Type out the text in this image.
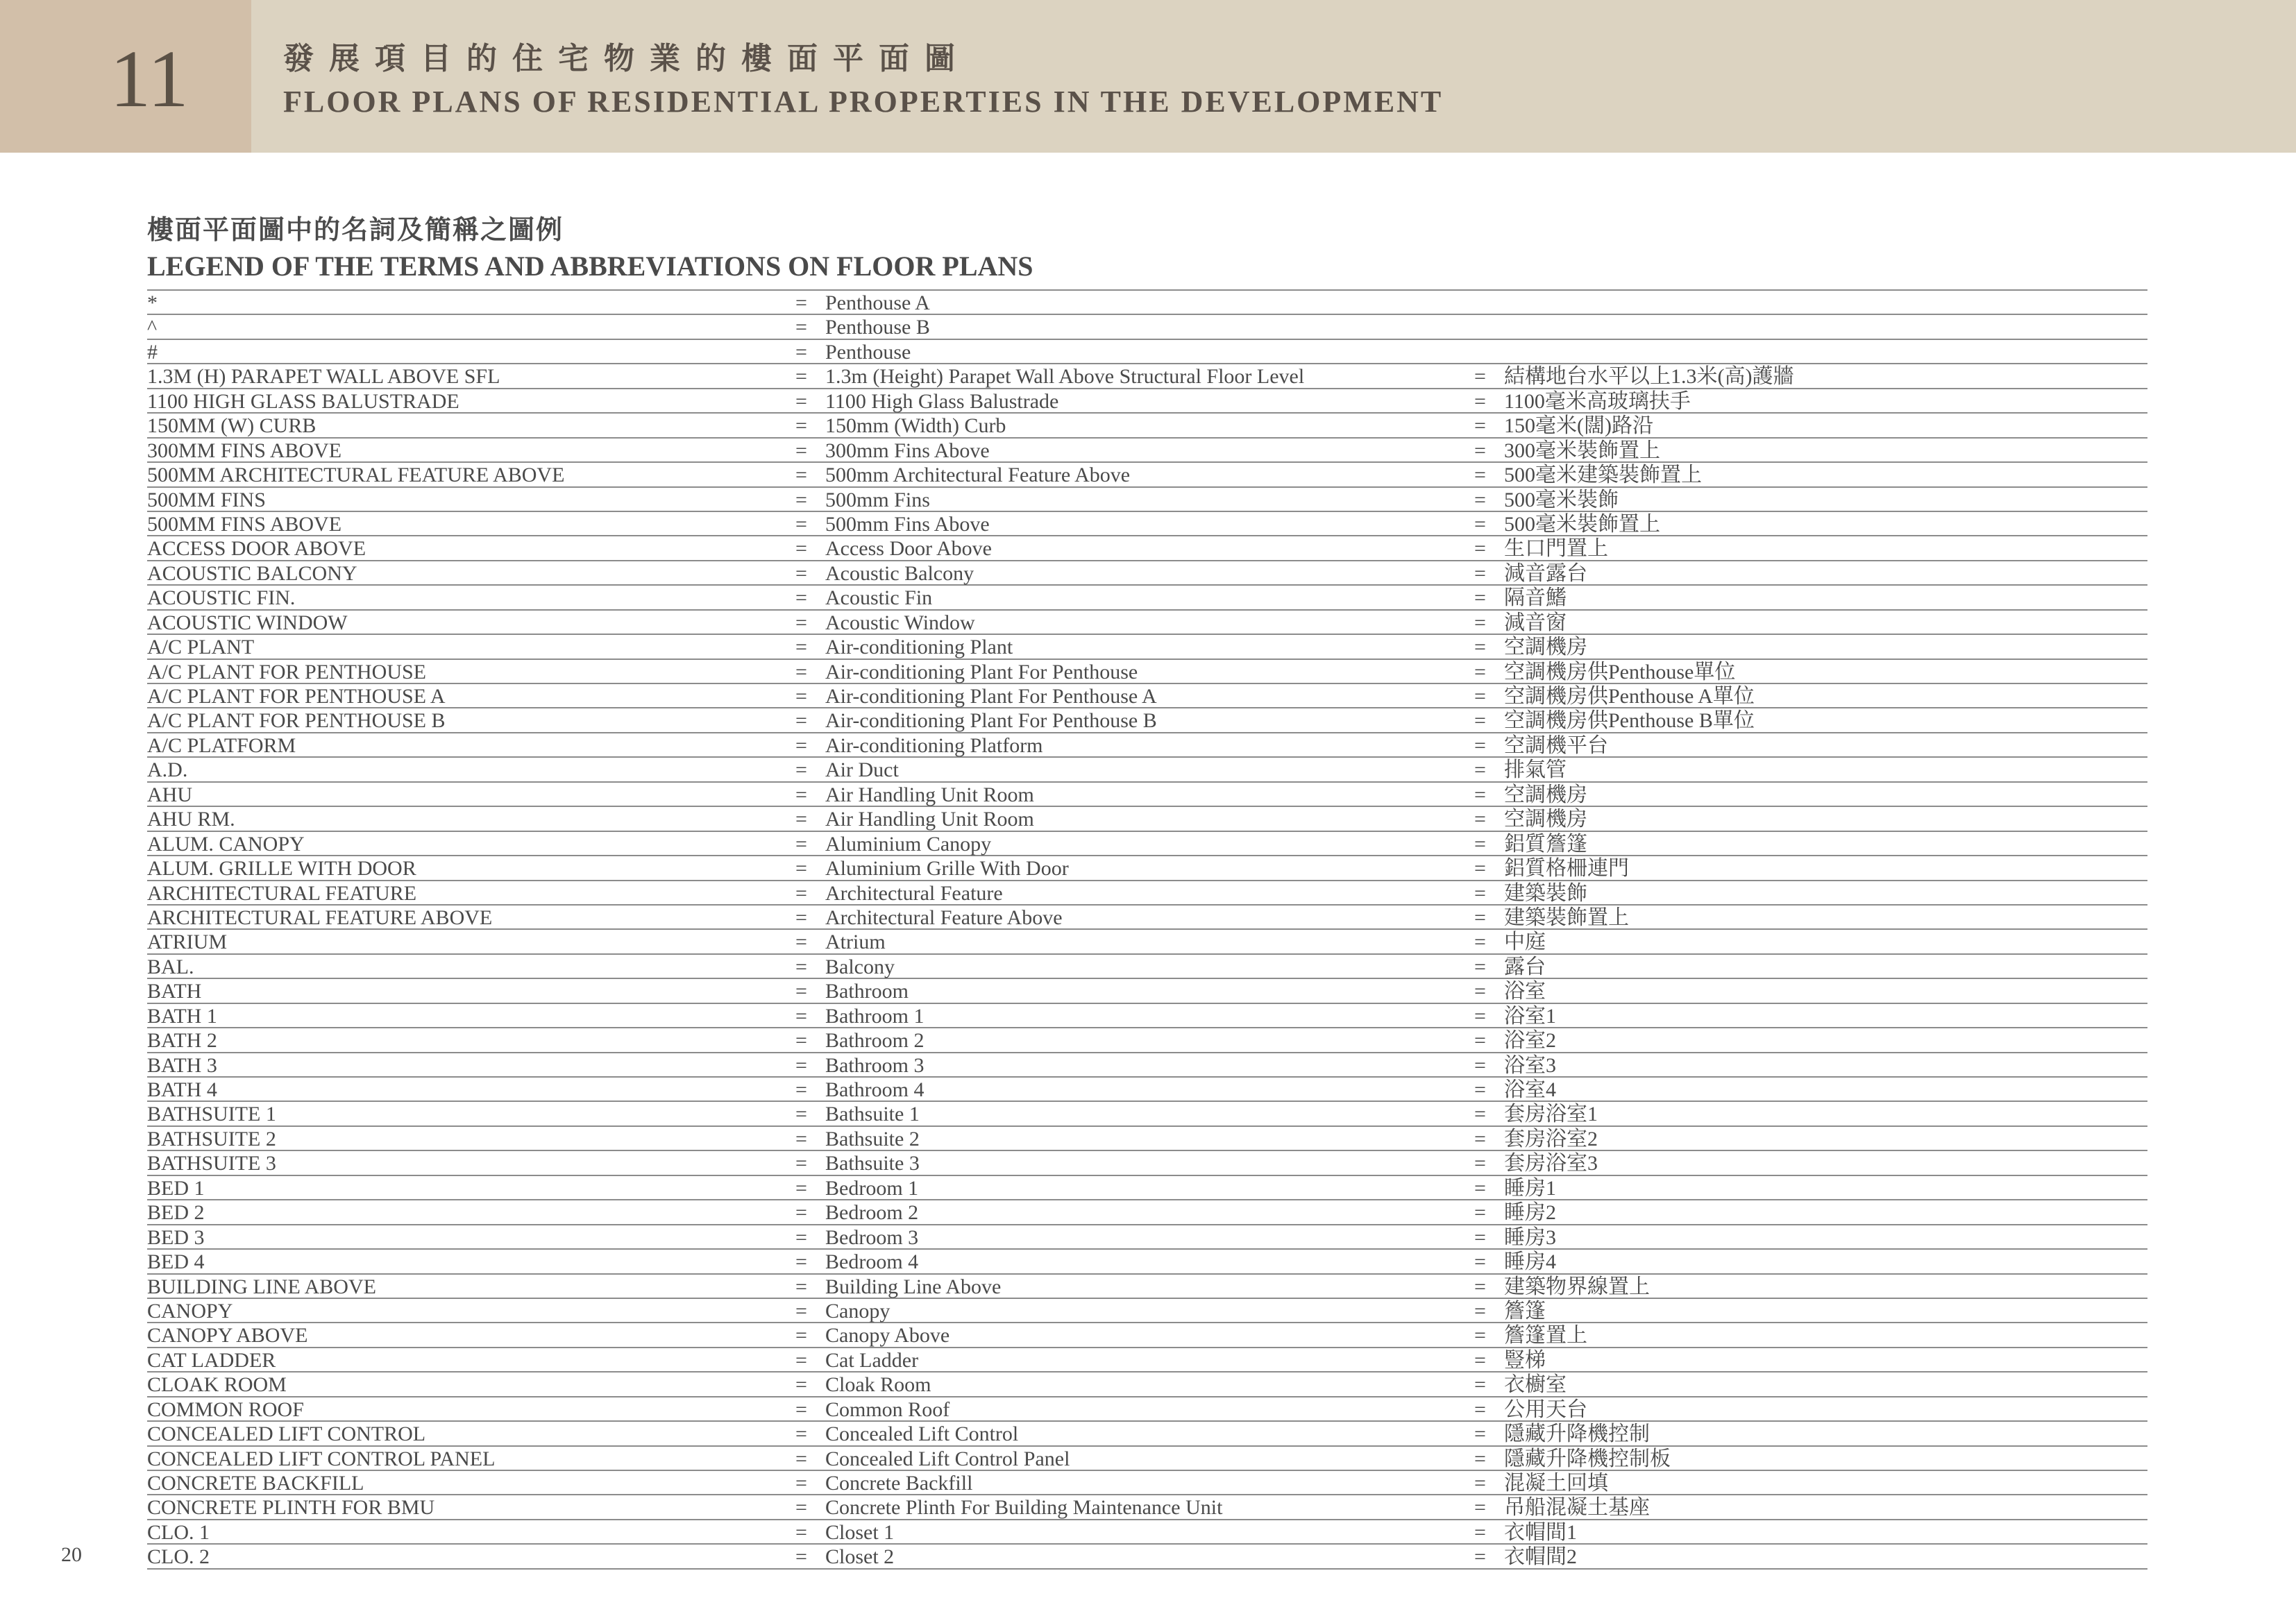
發展項目的住宅物業的樓面平面圖
FLOOR PLANS OF RESIDENTIAL PROPERTIES IN THE DEVELOPMENT
樓面平面圖中的名詞及簡稱之圖例
LEGEND OF THE TERMS AND ABBREVIATIONS ON FLOOR PLANS
*	= Penthouse A
^	= Penthouse B
#	= Penthouse
1.3M (H) PARAPET WALL ABOVE SFL	= 1.3m (Height) Parapet Wall Above Structural Floor Level	= 結構地台水平以上1.3米(高)護牆
1100 HIGH GLASS BALUSTRADE	= 1100 High Glass Balustrade	= 1100毫米高玻璃扶手
150MM (W) CURB	= 150mm (Width) Curb	= 150毫米(闊)路沿
300MM FINS ABOVE	= 300mm Fins Above	= 300毫米裝飾置上
500MM ARCHITECTURAL FEATURE ABOVE	= 500mm Architectural Feature Above	= 500毫米建築裝飾置上
500MM FINS	= 500mm Fins	= 500毫米裝飾
500MM FINS ABOVE	= 500mm Fins Above	= 500毫米裝飾置上
ACCESS DOOR ABOVE	= Access Door Above	= 生口門置上
ACOUSTIC BALCONY	= Acoustic Balcony	= 減音露台
ACOUSTIC FIN.	= Acoustic Fin	= 隔音鰭
ACOUSTIC WINDOW	= Acoustic Window	= 減音窗
A/C PLANT	= Air-conditioning Plant	= 空調機房
A/C PLANT FOR PENTHOUSE	= Air-conditioning Plant For Penthouse	= 空調機房供Penthouse單位
A/C PLANT FOR PENTHOUSE A	= Air-conditioning Plant For Penthouse A	= 空調機房供Penthouse A單位
A/C PLANT FOR PENTHOUSE B	= Air-conditioning Plant For Penthouse B	= 空調機房供Penthouse B單位
A/C PLATFORM	= Air-conditioning Platform	= 空調機平台
A.D.	= Air Duct	= 排氣管
AHU	= Air Handling Unit Room	= 空調機房
AHU RM.	= Air Handling Unit Room	= 空調機房
ALUM. CANOPY	= Aluminium Canopy	= 鋁質簷篷
ALUM. GRILLE WITH DOOR	= Aluminium Grille With Door	= 鋁質格柵連門
ARCHITECTURAL FEATURE	= Architectural Feature	= 建築裝飾
ARCHITECTURAL FEATURE ABOVE	= Architectural Feature Above	= 建築裝飾置上
ATRIUM	= Atrium	= 中庭
BAL.	= Balcony	= 露台
BATH	= Bathroom	= 浴室
BATH 1	= Bathroom 1	= 浴室1
BATH 2	= Bathroom 2	= 浴室2
BATH 3	= Bathroom 3	= 浴室3
BATH 4	= Bathroom 4	= 浴室4
BATHSUITE 1	= Bathsuite 1	= 套房浴室1
BATHSUITE 2	= Bathsuite 2	= 套房浴室2
BATHSUITE 3	= Bathsuite 3	= 套房浴室3
BED 1	= Bedroom 1	= 睡房1
BED 2	= Bedroom 2	= 睡房2
BED 3	= Bedroom 3	= 睡房3
BED 4	= Bedroom 4	= 睡房4
BUILDING LINE ABOVE	= Building Line Above	= 建築物界線置上
CANOPY	= Canopy	= 簷篷
CANOPY ABOVE	= Canopy Above	= 簷篷置上
CAT LADDER	= Cat Ladder	= 豎梯
CLOAK ROOM	= Cloak Room	= 衣櫥室
COMMON ROOF	= Common Roof	= 公用天台
CONCEALED LIFT CONTROL	= Concealed Lift Control	= 隱藏升降機控制
CONCEALED LIFT CONTROL PANEL	= Concealed Lift Control Panel	= 隱藏升降機控制板
CONCRETE BACKFILL	= Concrete Backfill	= 混凝土回填
CONCRETE PLINTH FOR BMU	= Concrete Plinth For Building Maintenance Unit	= 吊船混凝土基座
CLO. 1	= Closet 1	= 衣帽間1
CLO. 2	= Closet 2	= 衣帽間2
20
